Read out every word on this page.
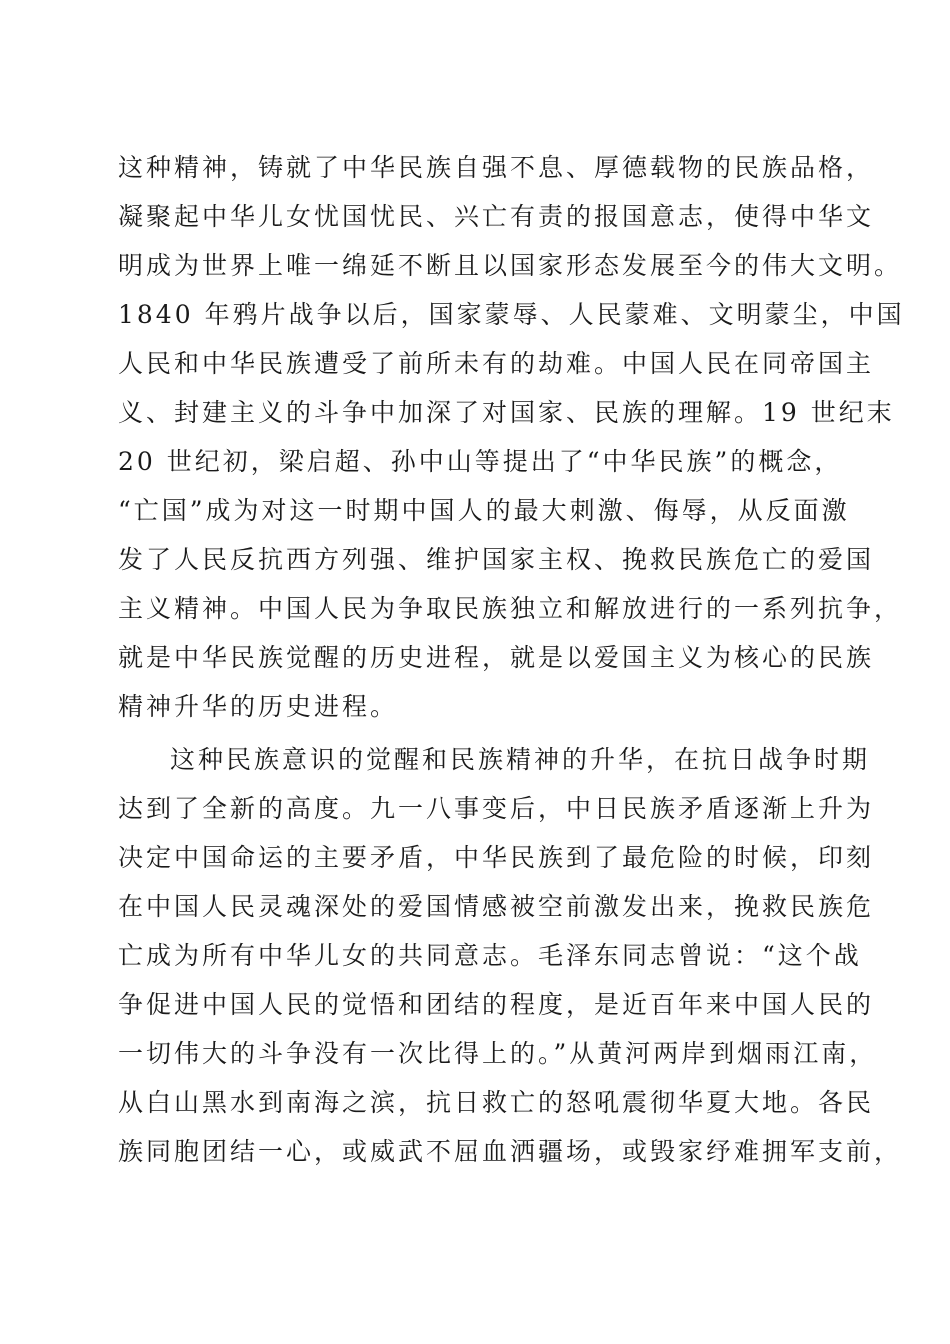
这种精神，铸就了中华民族自强不息、厚德载物的民族品格，
凝聚起中华儿女忧国忧民、兴亡有责的报国意志，使得中华文
明成为世界上唯一绵延不断且以国家形态发展至今的伟大文明。
1840 年鸦片战争以后，国家蒙辱、人民蒙难、文明蒙尘，中国
人民和中华民族遭受了前所未有的劫难。中国人民在同帝国主
义、封建主义的斗争中加深了对国家、民族的理解。19 世纪末
20 世纪初，梁启超、孙中山等提出了“中华民族”的概念，
“亡国”成为对这一时期中国人的最大刺激、侮辱，从反面激
发了人民反抗西方列强、维护国家主权、挽救民族危亡的爱国
主义精神。中国人民为争取民族独立和解放进行的一系列抗争，
就是中华民族觉醒的历史进程，就是以爱国主义为核心的民族
精神升华的历史进程。
这种民族意识的觉醒和民族精神的升华，在抗日战争时期
达到了全新的高度。九一八事变后，中日民族矛盾逐渐上升为
决定中国命运的主要矛盾，中华民族到了最危险的时候，印刻
在中国人民灵魂深处的爱国情感被空前激发出来，挽救民族危
亡成为所有中华儿女的共同意志。毛泽东同志曾说：“这个战
争促进中国人民的觉悟和团结的程度，是近百年来中国人民的
一切伟大的斗争没有一次比得上的。”从黄河两岸到烟雨江南，
从白山黑水到南海之滨，抗日救亡的怒吼震彻华夏大地。各民
族同胞团结一心，或威武不屈血洒疆场，或毁家纾难拥军支前，
